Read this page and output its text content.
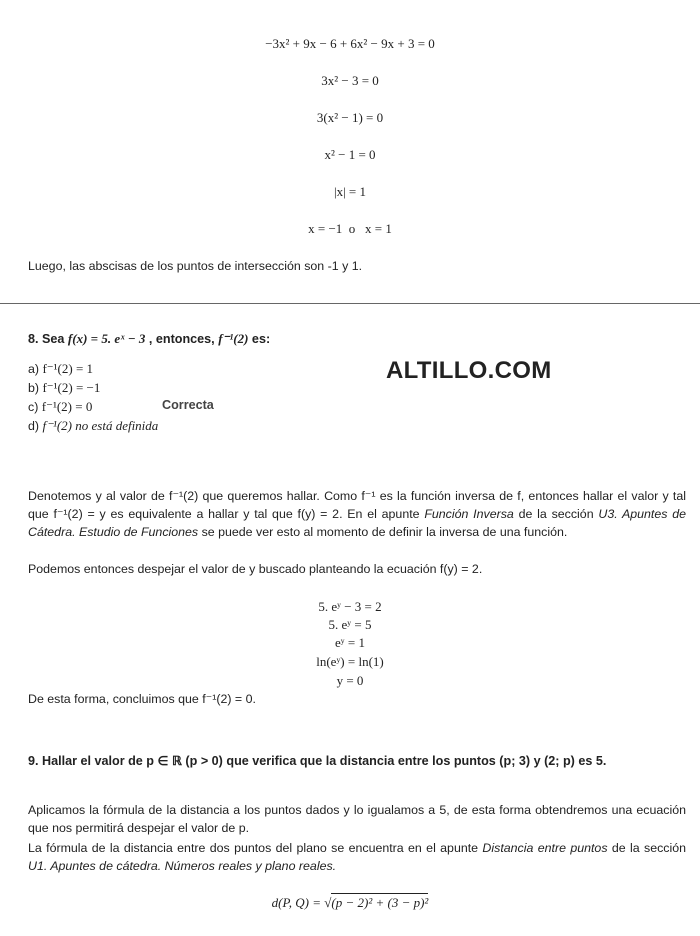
−3x² + 9x − 6 + 6x² − 9x + 3 = 0
3x² − 3 = 0
3(x² − 1) = 0
x² − 1 = 0
|x| = 1
x = −1  o   x = 1
Luego, las abscisas de los puntos de intersección son -1 y 1.
8. Sea f(x) = 5. eˣ − 3 , entonces, f⁻¹(2) es:
a) f⁻¹(2) = 1
b) f⁻¹(2) = −1
c) f⁻¹(2) = 0
d) f⁻¹(2) no está definida
Correcta
ALTILLO.COM
Denotemos y al valor de f⁻¹(2) que queremos hallar. Como f⁻¹ es la función inversa de f, entonces hallar el valor y tal que f⁻¹(2) = y es equivalente a hallar y tal que f(y) = 2. En el apunte Función Inversa de la sección U3. Apuntes de Cátedra. Estudio de Funciones se puede ver esto al momento de definir la inversa de una función.
Podemos entonces despejar el valor de y buscado planteando la ecuación f(y) = 2.
5. eʸ − 3 = 2
5. eʸ = 5
eʸ = 1
ln(eʸ) = ln(1)
y = 0
De esta forma, concluimos que f⁻¹(2) = 0.
9. Hallar el valor de p ∈ ℝ (p > 0) que verifica que la distancia entre los puntos (p; 3) y (2; p) es 5.
Aplicamos la fórmula de la distancia a los puntos dados y lo igualamos a 5, de esta forma obtendremos una ecuación que nos permitirá despejar el valor de p.
La fórmula de la distancia entre dos puntos del plano se encuentra en el apunte Distancia entre puntos de la sección U1. Apuntes de cátedra. Números reales y plano reales.
d(P, Q) = √(p − 2)² + (3 − p)²
